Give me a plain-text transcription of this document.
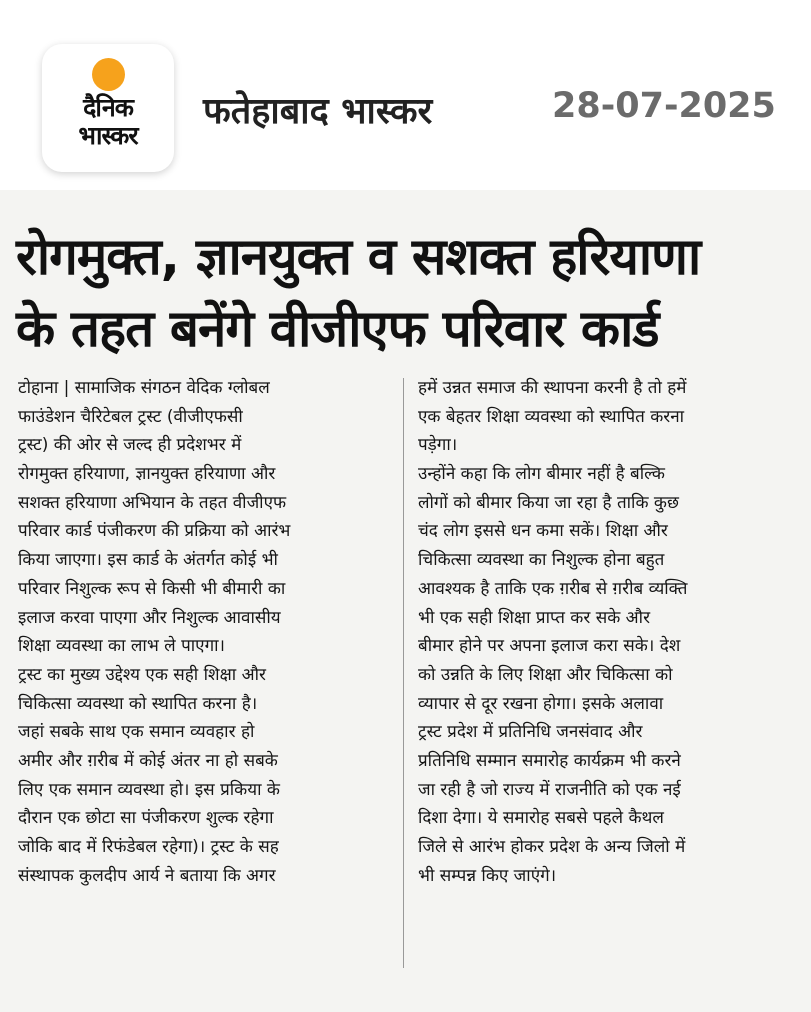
दैनिक
भास्कर
फतेहाबाद भास्कर	28-07-2025
रोगमुक्त, ज्ञानयुक्त व सशक्त हरियाणा
के तहत बनेंगे वीजीएफ परिवार कार्ड
टोहाना | सामाजिक संगठन वेदिक ग्लोबल
फाउंडेशन चैरिटेबल ट्रस्ट (वीजीएफसी
ट्रस्ट) की ओर से जल्द ही प्रदेशभर में
रोगमुक्त हरियाणा, ज्ञानयुक्त हरियाणा और
सशक्त हरियाणा अभियान के तहत वीजीएफ
परिवार कार्ड पंजीकरण की प्रक्रिया को आरंभ
किया जाएगा। इस कार्ड के अंतर्गत कोई भी
परिवार निशुल्क रूप से किसी भी बीमारी का
इलाज करवा पाएगा और निशुल्क आवासीय
शिक्षा व्यवस्था का लाभ ले पाएगा।
ट्रस्ट का मुख्य उद्देश्य एक सही शिक्षा और
चिकित्सा व्यवस्था को स्थापित करना है।
जहां सबके साथ एक समान व्यवहार हो
अमीर और ग़रीब में कोई अंतर ना हो सबके
लिए एक समान व्यवस्था हो। इस प्रकिया के
दौरान एक छोटा सा पंजीकरण शुल्क रहेगा
जोकि बाद में रिफंडेबल रहेगा)। ट्रस्ट के सह
संस्थापक कुलदीप आर्य ने बताया कि अगर
हमें उन्नत समाज की स्थापना करनी है तो हमें
एक बेहतर शिक्षा व्यवस्था को स्थापित करना
पड़ेगा।
उन्होंने कहा कि लोग बीमार नहीं है बल्कि
लोगों को बीमार किया जा रहा है ताकि कुछ
चंद लोग इससे धन कमा सकें। शिक्षा और
चिकित्सा व्यवस्था का निशुल्क होना बहुत
आवश्यक है ताकि एक ग़रीब से ग़रीब व्यक्ति
भी एक सही शिक्षा प्राप्त कर सके और
बीमार होने पर अपना इलाज करा सके। देश
को उन्नति के लिए शिक्षा और चिकित्सा को
व्यापार से दूर रखना होगा। इसके अलावा
ट्रस्ट प्रदेश में प्रतिनिधि जनसंवाद और
प्रतिनिधि सम्मान समारोह कार्यक्रम भी करने
जा रही है जो राज्य में राजनीति को एक नई
दिशा देगा। ये समारोह सबसे पहले कैथल
जिले से आरंभ होकर प्रदेश के अन्य जिलो में
भी सम्पन्न किए जाएंगे।
